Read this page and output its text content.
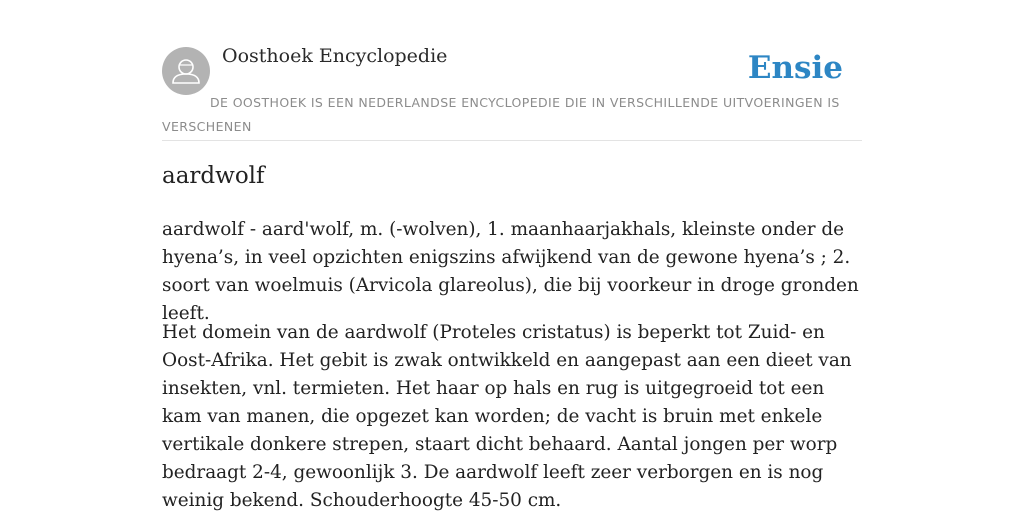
Oosthoek Encyclopedie	Ensie
DE OOSTHOEK IS EEN NEDERLANDSE ENCYCLOPEDIE DIE IN VERSCHILLENDE UITVOERINGEN IS VERSCHENEN
aardwolf

aardwolf - aard'wolf, m. (-wolven), 1. maanhaarjakhals, kleinste onder de hyena’s, in veel opzichten enigszins afwijkend van de gewone hyena’s ; 2. soort van woelmuis (Arvicola glareolus), die bij voorkeur in droge gronden leeft.

Het domein van de aardwolf (Proteles cristatus) is beperkt tot Zuid- en Oost-Afrika. Het gebit is zwak ontwikkeld en aangepast aan een dieet van insekten, vnl. termieten. Het haar op hals en rug is uitgegroeid tot een kam van manen, die opgezet kan worden; de vacht is bruin met enkele vertikale donkere strepen, staart dicht behaard. Aantal jongen per worp bedraagt 2-4, gewoonlijk 3. De aardwolf leeft zeer verborgen en is nog weinig bekend. Schouderhoogte 45-50 cm.
